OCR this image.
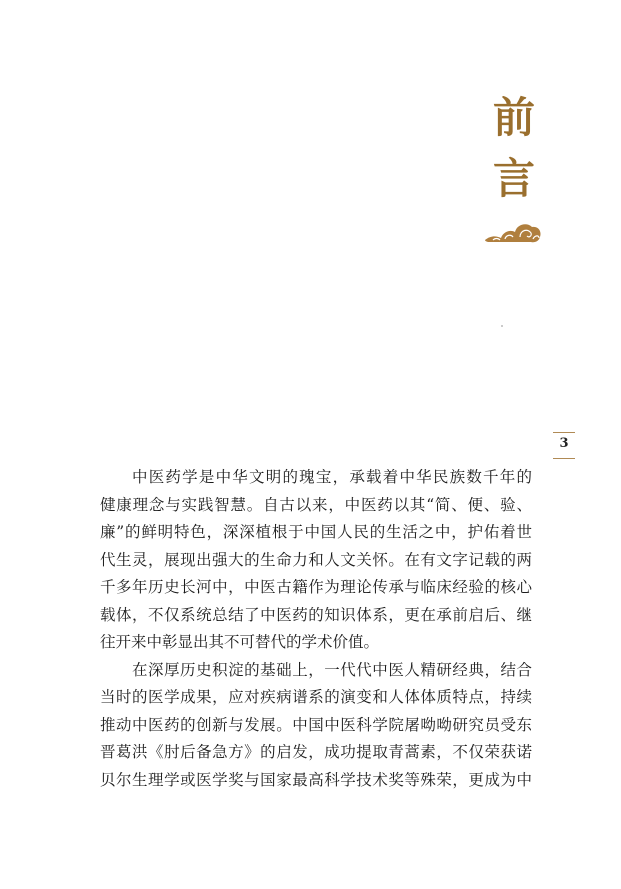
前
言
3
中医药学是中华文明的瑰宝，承载着中华民族数千年的
健康理念与实践智慧。自古以来，中医药以其“简、便、验、
廉”的鲜明特色，深深植根于中国人民的生活之中，护佑着世
代生灵，展现出强大的生命力和人文关怀。在有文字记载的两
千多年历史长河中，中医古籍作为理论传承与临床经验的核心
载体，不仅系统总结了中医药的知识体系，更在承前启后、继
往开来中彰显出其不可替代的学术价值。
在深厚历史积淀的基础上，一代代中医人精研经典，结合
当时的医学成果，应对疾病谱系的演变和人体体质特点，持续
推动中医药的创新与发展。中国中医科学院屠呦呦研究员受东
晋葛洪《肘后备急方》的启发，成功提取青蒿素，不仅荣获诺
贝尔生理学或医学奖与国家最高科学技术奖等殊荣，更成为中
